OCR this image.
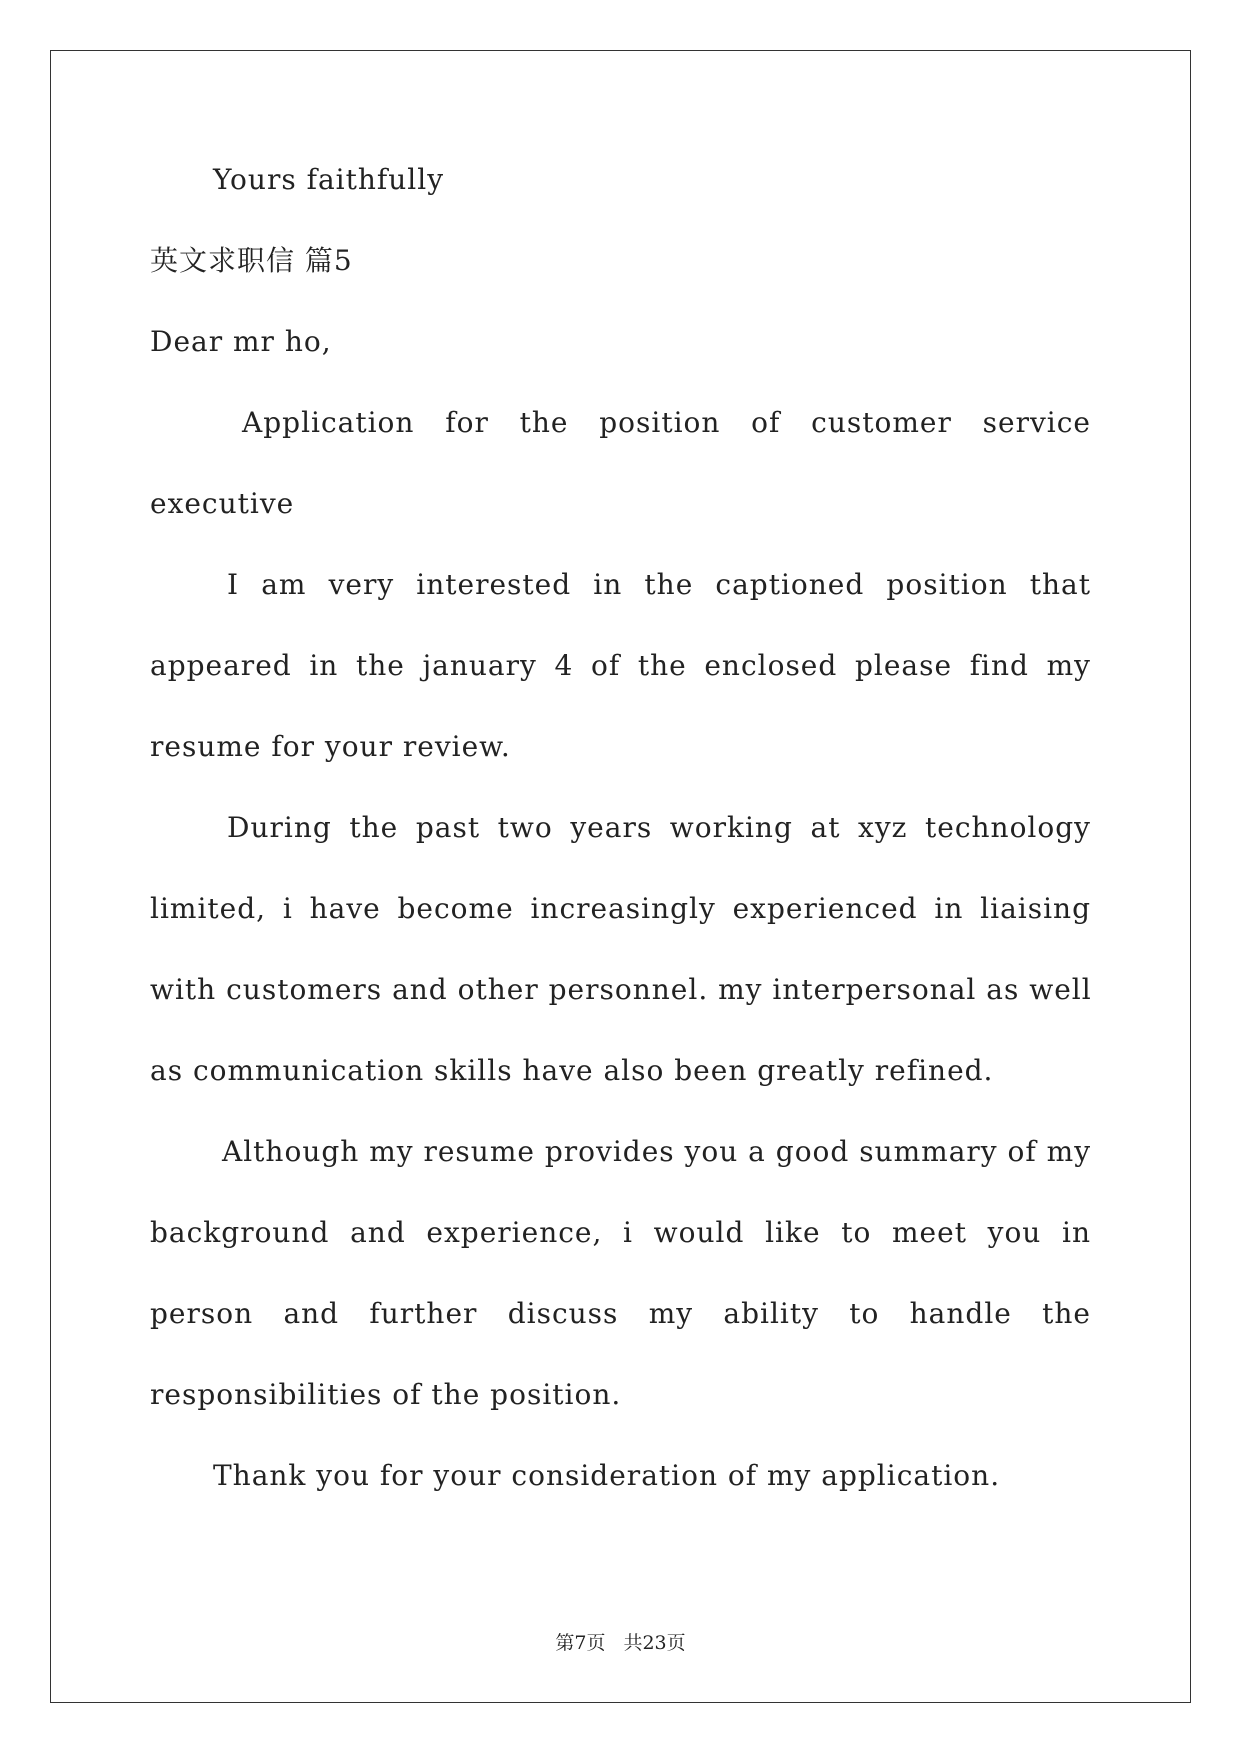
Yours faithfully
英文求职信 篇5
Dear mr ho,
Application for the position of customer service
executive
I am very interested in the captioned position that
appeared in the january 4 of the enclosed please find my
resume for your review.
During the past two years working at xyz technology
limited, i have become increasingly experienced in liaising
with customers and other personnel. my interpersonal as well
as communication skills have also been greatly refined.
Although my resume provides you a good summary of my
background and experience, i would like to meet you in
person and further discuss my ability to handle the
responsibilities of the position.
Thank you for your consideration of my application.
第7页 共23页
